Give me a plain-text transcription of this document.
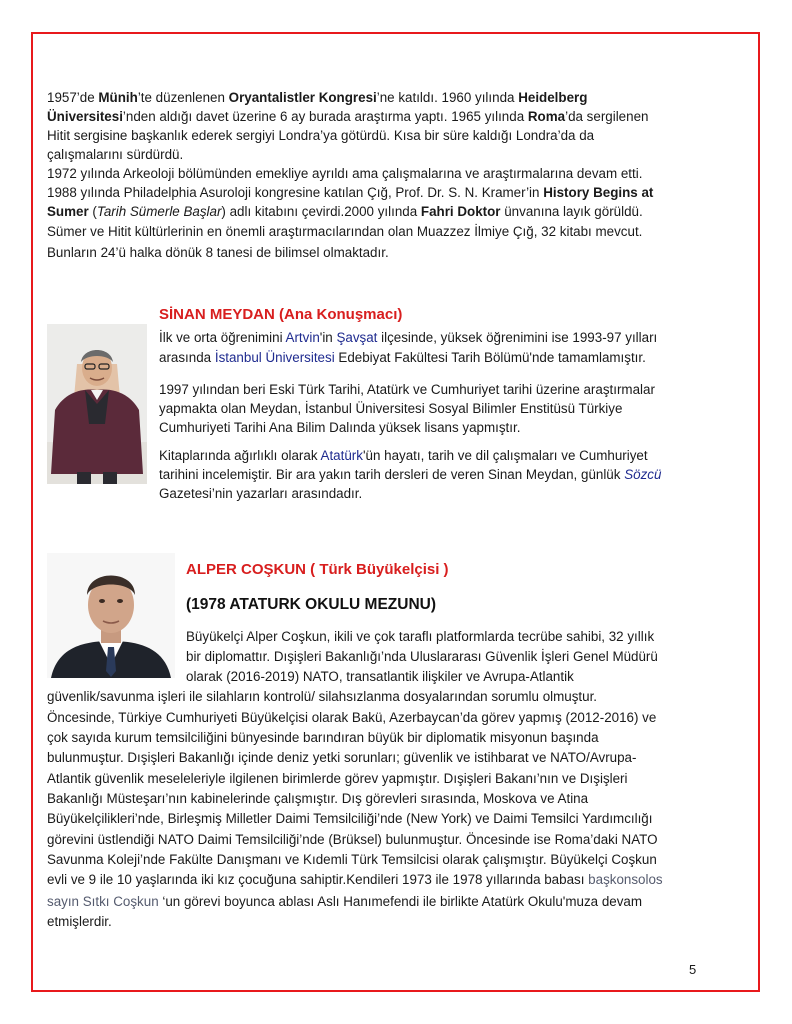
1957’de Münih’te düzenlenen Oryantalistler Kongresi’ne katıldı. 1960 yılında Heidelberg

Üniversitesi’nden aldığı davet üzerine 6 ay burada araştırma yaptı. 1965 yılında Roma’da sergilenen

Hitit sergisine başkanlık ederek sergiyi Londra’ya götürdü. Kısa bir süre kaldığı Londra’da da

çalışmalarını sürdürdü.

1972 yılında Arkeoloji bölümünden emekliye ayrıldı ama çalışmalarına ve araştırmalarına devam etti.

1988 yılında Philadelphia Asuroloji kongresine katılan Çığ, Prof. Dr. S. N. Kramer’in History Begins at

Sumer (Tarih Sümerle Başlar) adlı kitabını çevirdi.2000 yılında Fahri Doktor ünvanına layık görüldü.

Sümer ve Hitit kültürlerinin en önemli araştırmacılarından olan Muazzez İlmiye Çığ, 32 kitabı mevcut.

Bunların 24’ü halka dönük 8 tanesi de bilimsel olmaktadır.

SİNAN MEYDAN (Ana Konuşmacı)

İlk ve orta öğrenimini Artvin'in Şavşat ilçesinde, yüksek öğrenimini ise 1993-97 yılları

arasında İstanbul Üniversitesi Edebiyat Fakültesi Tarih Bölümü'nde tamamlamıştır.

1997 yılından beri Eski Türk Tarihi, Atatürk ve Cumhuriyet tarihi üzerine araştırmalar

yapmakta olan Meydan, İstanbul Üniversitesi Sosyal Bilimler Enstitüsü Türkiye

Cumhuriyeti Tarihi Ana Bilim Dalında yüksek lisans yapmıştır.

Kitaplarında ağırlıklı olarak Atatürk'ün hayatı, tarih ve dil çalışmaları ve Cumhuriyet

tarihini incelemiştir. Bir ara yakın tarih dersleri de veren Sinan Meydan, günlük Sözcü

Gazetesi’nin yazarları arasındadır.

ALPER COŞKUN ( Türk Büyükelçisi )
(1978 ATATURK OKULU MEZUNU)

Büyükelçi Alper Coşkun, ikili ve çok taraflı platformlarda tecrübe sahibi, 32 yıllık

bir diplomattır. Dışişleri Bakanlığı’nda Uluslararası Güvenlik İşleri Genel Müdürü

olarak (2016-2019) NATO, transatlantik ilişkiler ve Avrupa-Atlantik

güvenlik/savunma işleri ile silahların kontrolü/ silahsızlanma dosyalarından sorumlu olmuştur.

Öncesinde, Türkiye Cumhuriyeti Büyükelçisi olarak Bakü, Azerbaycan’da görev yapmış (2012-2016) ve

çok sayıda kurum temsilciliğini bünyesinde barındıran büyük bir diplomatik misyonun başında

bulunmuştur. Dışişleri Bakanlığı içinde deniz yetki sorunları; güvenlik ve istihbarat ve NATO/Avrupa-

Atlantik güvenlik meseleleriyle ilgilenen birimlerde görev yapmıştır. Dışişleri Bakanı’nın ve Dışişleri

Bakanlığı Müsteşarı’nın kabinelerinde çalışmıştır. Dış görevleri sırasında, Moskova ve Atina

Büyükelçilikleri’nde, Birleşmiş Milletler Daimi Temsilciliği’nde (New York) ve Daimi Temsilci Yardımcılığı

görevini üstlendiği NATO Daimi Temsilciliği’nde (Brüksel) bulunmuştur. Öncesinde ise Roma’daki NATO

Savunma Koleji’nde Fakülte Danışmanı ve Kıdemli Türk Temsilcisi olarak çalışmıştır. Büyükelçi Coşkun

evli ve 9 ile 10 yaşlarında iki kız çocuğuna sahiptir.Kendileri 1973 ile 1978 yıllarında babası başkonsolos

sayın Sıtkı Coşkun ‘un görevi boyunca ablası Aslı Hanımefendi ile birlikte Atatürk Okulu'muza devam

etmişlerdir.

5
